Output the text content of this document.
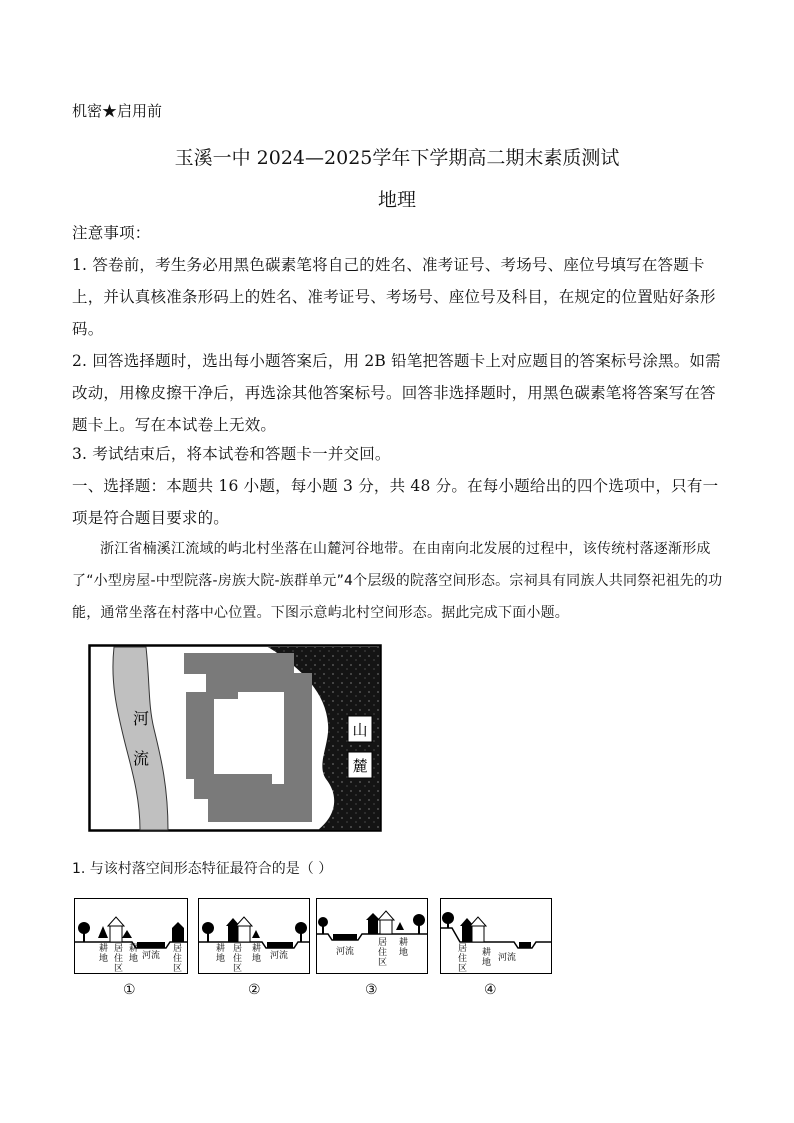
机密★启用前
玉溪一中 2024—2025学年下学期高二期末素质测试
地理
注意事项：
1. 答卷前，考生务必用黑色碳素笔将自己的姓名、准考证号、考场号、座位号填写在答题卡上，并认真核准条形码上的姓名、准考证号、考场号、座位号及科目，在规定的位置贴好条形码。
2. 回答选择题时，选出每小题答案后，用 2B 铅笔把答题卡上对应题目的答案标号涂黑。如需改动，用橡皮擦干净后，再选涂其他答案标号。回答非选择题时，用黑色碳素笔将答案写在答题卡上。写在本试卷上无效。
3. 考试结束后，将本试卷和答题卡一并交回。
一、选择题：本题共 16 小题，每小题 3 分，共 48 分。在每小题给出的四个选项中，只有一项是符合题目要求的。
浙江省楠溪江流域的屿北村坐落在山麓河谷地带。在由南向北发展的过程中，该传统村落逐渐形成了“小型房屋-中型院落-房族大院-族群单元”4个层级的院落空间形态。宗祠具有同族人共同祭祀祖先的功能，通常坐落在村落中心位置。下图示意屿北村空间形态。据此完成下面小题。
河
流
山
麓
1. 与该村落空间形态特征最符合的是（ ）
耕
地
居
住
区
耕
地 河流
居
住
区
耕
地
居
住
区
耕
地 河流	河流
居
住
区
耕
地	居
住
区
耕
地 河流
①	②	③	④
